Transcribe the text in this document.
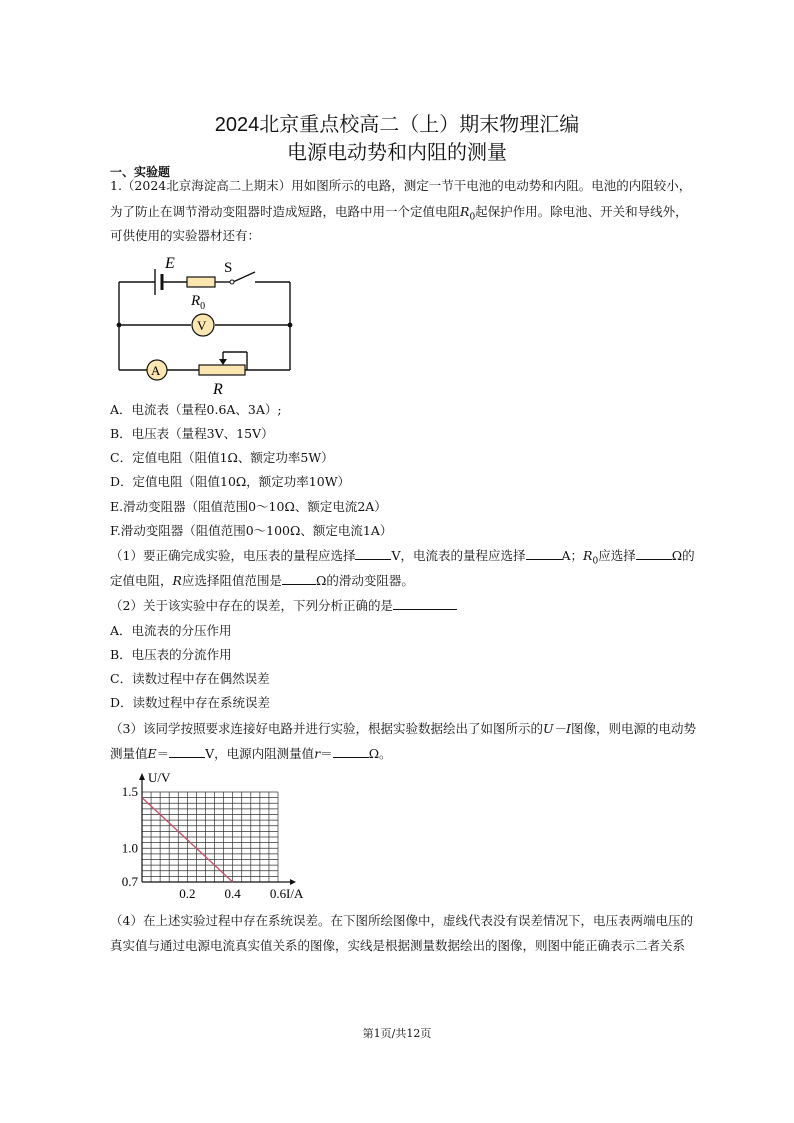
2024北京重点校高二（上）期末物理汇编
电源电动势和内阻的测量
一、实验题
1.（2024北京海淀高二上期末）用如图所示的电路，测定一节干电池的电动势和内阻。电池的内阻较小，
为了防止在调节滑动变阻器时造成短路，电路中用一个定值电阻$R_0$起保护作用。除电池、开关和导线外，
可供使用的实验器材还有：
E	S
$R_0$
V
A
R
A．电流表（量程0.6A、3A）;
B．电压表（量程3V、15V）
C．定值电阻（阻值1Ω、额定功率5W）
D．定值电阻（阻值10Ω，额定功率10W）
E.滑动变阻器（阻值范围0～10Ω、额定电流2A）
F.滑动变阻器（阻值范围0～100Ω、额定电流1A）
（1）要正确完成实验，电压表的量程应选择	V，电流表的量程应选择	A；$R_0$应选择	Ω的
定值电阻，R应选择阻值范围是	Ω的滑动变阻器。
（2）关于该实验中存在的误差，下列分析正确的是
A．电流表的分压作用
B．电压表的分流作用
C．读数过程中存在偶然误差
D．读数过程中存在系统误差
（3）该同学按照要求连接好电路并进行实验，根据实验数据绘出了如图所示的U－I图像，则电源的电动势
测量值E＝	V，电源内阻测量值r＝	Ω。
U/V
I/A
0.2 0.4 0.6
1.5
1.0
0.7
（4）在上述实验过程中存在系统误差。在下图所绘图像中，虚线代表没有误差情况下，电压表两端电压的
真实值与通过电源电流真实值关系的图像，实线是根据测量数据绘出的图像，则图中能正确表示二者关系
第1页/共12页
